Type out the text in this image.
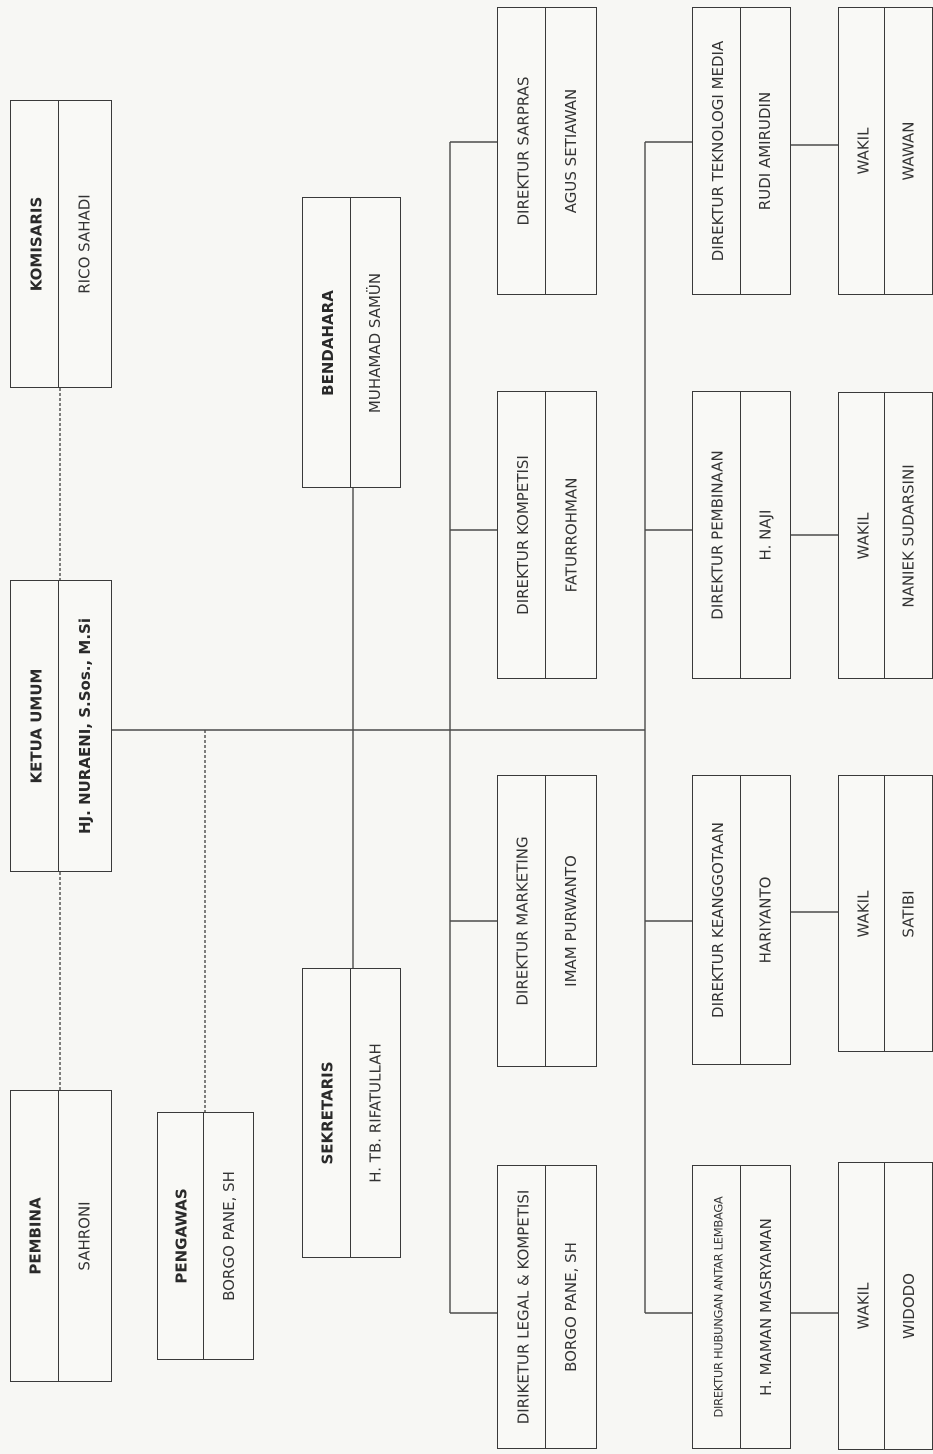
KOMISARIS RICO SAHADI
KETUA UMUM HJ. NURAENI, S.Sos., M.Si
PEMBINA SAHRONI	PENGAWAS BORGO PANE, SH
BENDAHARA MUHAMAD SAMÜN
SEKRETARIS H. TB. RIFATULLAH
DIREKTUR SARPRAS AGUS SETIAWAN
DIREKTUR KOMPETISI FATURROHMAN
DIREKTUR MARKETING IMAM PURWANTO
DIRIKETUR LEGAL & KOMPETISI BORGO PANE, SH
DIREKTUR TEKNOLOGI MEDIA RUDI AMIRUDIN
DIREKTUR PEMBINAAN H. NAJI
DIREKTUR KEANGGOTAAN HARIYANTO
DIREKTUR HUBUNGAN ANTAR LEMBAGA H. MAMAN MASRYAMAN
WAKIL WAWAN
WAKIL NANIEK SUDARSINI
WAKIL SATIBI
WAKIL WIDODO
